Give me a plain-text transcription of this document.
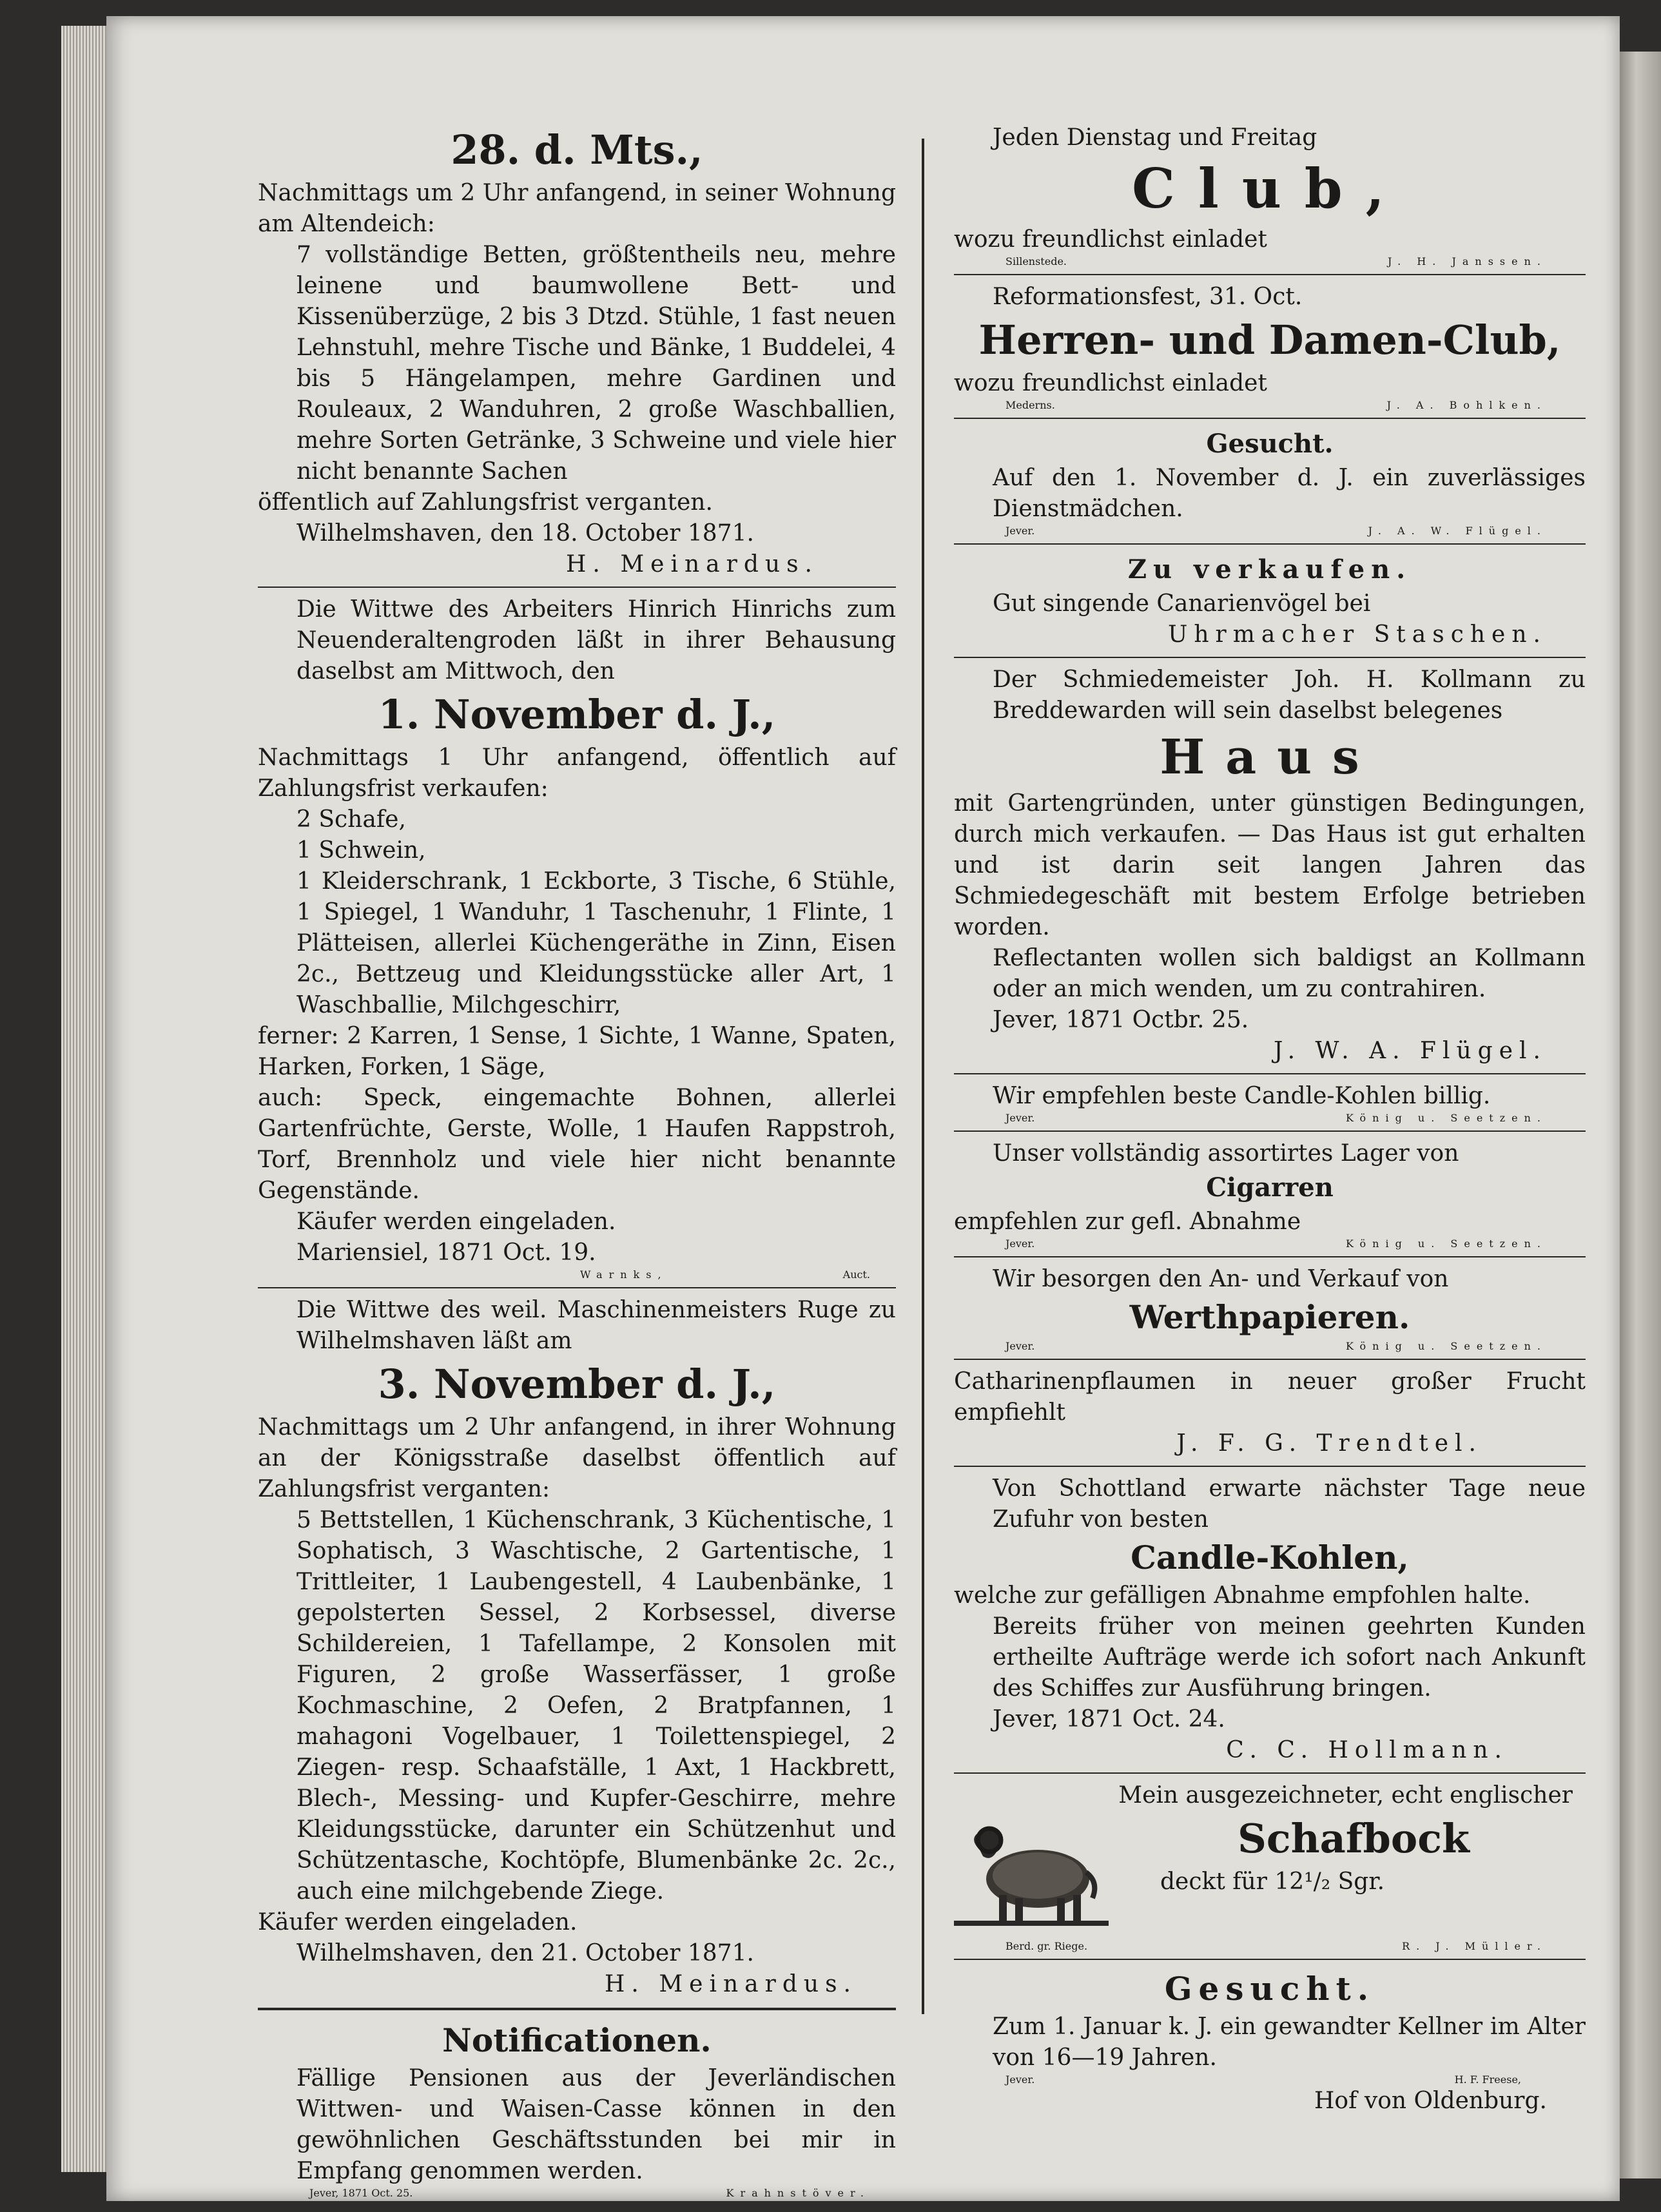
28. d. Mts.,

Nachmittags um 2 Uhr anfangend, in seiner Wohnung am Altendeich:

7 vollständige Betten, größtentheils neu, mehre leinene und baumwollene Bett- und Kissenüberzüge, 2 bis 3 Dtzd. Stühle, 1 fast neuen Lehnstuhl, mehre Tische und Bänke, 1 Buddelei, 4 bis 5 Hängelampen, mehre Gardinen und Rouleaux, 2 Wanduhren, 2 große Waschballien, mehre Sorten Getränke, 3 Schweine und viele hier nicht benannte Sachen

öffentlich auf Zahlungsfrist verganten.

Wilhelmshaven, den 18. October 1871.

H. Meinardus.

Die Wittwe des Arbeiters Hinrich Hinrichs zum Neuenderaltengroden läßt in ihrer Behausung daselbst am Mittwoch, den

1. November d. J.,

Nachmittags 1 Uhr anfangend, öffentlich auf Zahlungsfrist verkaufen:

2 Schafe,

1 Schwein,

1 Kleiderschrank, 1 Eckborte, 3 Tische, 6 Stühle, 1 Spiegel, 1 Wanduhr, 1 Taschenuhr, 1 Flinte, 1 Plätteisen, allerlei Küchengeräthe in Zinn, Eisen 2c., Bettzeug und Kleidungsstücke aller Art, 1 Waschballie, Milchgeschirr,

ferner: 2 Karren, 1 Sense, 1 Sichte, 1 Wanne, Spaten, Harken, Forken, 1 Säge,

auch: Speck, eingemachte Bohnen, allerlei Gartenfrüchte, Gerste, Wolle, 1 Haufen Rappstroh, Torf, Brennholz und viele hier nicht benannte Gegenstände.

Käufer werden eingeladen.

Mariensiel, 1871 Oct. 19.

Warnks,	Auct.

Die Wittwe des weil. Maschinenmeisters Ruge zu Wilhelmshaven läßt am

3. November d. J.,

Nachmittags um 2 Uhr anfangend, in ihrer Wohnung an der Königsstraße daselbst öffentlich auf Zahlungsfrist verganten:

5 Bettstellen, 1 Küchenschrank, 3 Küchentische, 1 Sophatisch, 3 Waschtische, 2 Gartentische, 1 Trittleiter, 1 Laubengestell, 4 Laubenbänke, 1 gepolsterten Sessel, 2 Korbsessel, diverse Schildereien, 1 Tafellampe, 2 Konsolen mit Figuren, 2 große Wasserfässer, 1 große Kochmaschine, 2 Oefen, 2 Bratpfannen, 1 mahagoni Vogelbauer, 1 Toilettenspiegel, 2 Ziegen- resp. Schaafställe, 1 Axt, 1 Hackbrett, Blech-, Messing- und Kupfer-Geschirre, mehre Kleidungsstücke, darunter ein Schützenhut und Schützentasche, Kochtöpfe, Blumenbänke 2c. 2c., auch eine milchgebende Ziege.

Käufer werden eingeladen.

Wilhelmshaven, den 21. October 1871.

H. Meinardus.

Notificationen.

Fällige Pensionen aus der Jeverländischen Wittwen- und Waisen-Casse können in den gewöhnlichen Geschäftsstunden bei mir in Empfang genommen werden.

Jever, 1871 Oct. 25.	Krahnstöver.

Jeden Dienstag und Freitag

Club,

wozu freundlichst einladet

Sillenstede.	J. H. Janssen.

Reformationsfest, 31. Oct.

Herren- und Damen-Club,

wozu freundlichst einladet

Mederns.	J. A. Bohlken.
Gesucht.

Auf den 1. November d. J. ein zuverlässiges Dienstmädchen.

Jever.	J. A. W. Flügel.
Zu verkaufen.

Gut singende Canarienvögel bei

Uhrmacher Staschen.

Der Schmiedemeister Joh. H. Kollmann zu Breddewarden will sein daselbst belegenes

Haus

mit Gartengründen, unter günstigen Bedingungen, durch mich verkaufen. — Das Haus ist gut erhalten und ist darin seit langen Jahren das Schmiedegeschäft mit bestem Erfolge betrieben worden.

Reflectanten wollen sich baldigst an Kollmann oder an mich wenden, um zu contrahiren.

Jever, 1871 Octbr. 25.

J. W. A. Flügel.

Wir empfehlen beste Candle-Kohlen billig.

Jever.	König u. Seetzen.

Unser vollständig assortirtes Lager von

Cigarren

empfehlen zur gefl. Abnahme

Jever.	König u. Seetzen.

Wir besorgen den An- und Verkauf von

Werthpapieren.
Jever.	König u. Seetzen.

Catharinenpflaumen in neuer großer Frucht empfiehlt

J. F. G. Trendtel.

Von Schottland erwarte nächster Tage neue Zufuhr von besten

Candle-Kohlen,

welche zur gefälligen Abnahme empfohlen halte.

Bereits früher von meinen geehrten Kunden ertheilte Aufträge werde ich sofort nach Ankunft des Schiffes zur Ausführung bringen.

Jever, 1871 Oct. 24.

C. C. Hollmann.

Mein ausgezeichneter, echt englischer

Schafbock

deckt für 12¹/₂ Sgr.

Berd. gr. Riege.	R. J. Müller.
Gesucht.

Zum 1. Januar k. J. ein gewandter Kellner im Alter von 16—19 Jahren.

Jever.	H. F. Freese,

Hof von Oldenburg.
